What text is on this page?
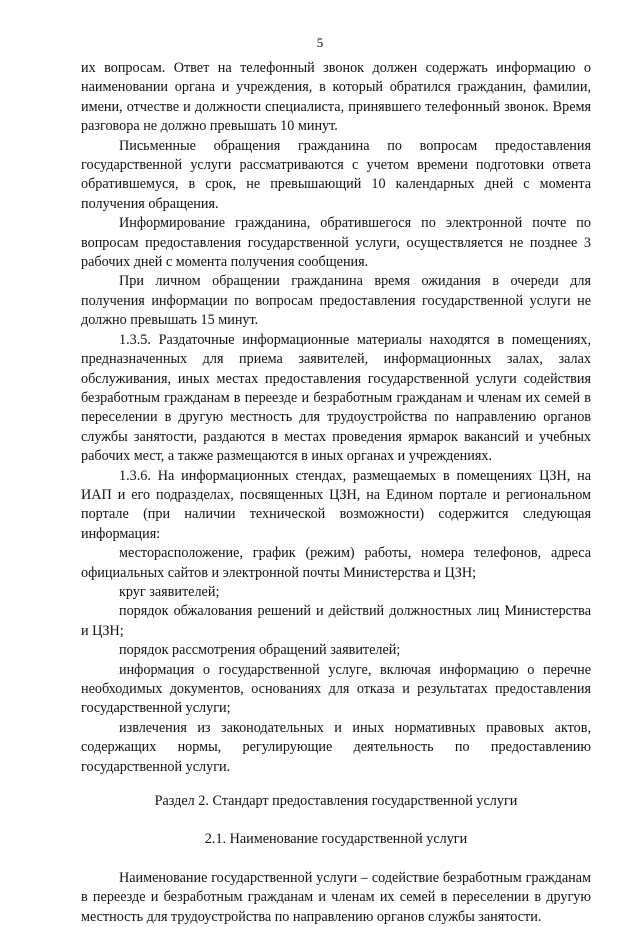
5

их вопросам. Ответ на телефонный звонок должен содержать информацию о наименовании органа и учреждения, в который обратился гражданин, фамилии, имени, отчестве и должности специалиста, принявшего телефонный звонок. Время разговора не должно превышать 10 минут.

Письменные обращения гражданина по вопросам предоставления государственной услуги рассматриваются с учетом времени подготовки ответа обратившемуся, в срок, не превышающий 10 календарных дней с момента получения обращения.

Информирование гражданина, обратившегося по электронной почте по вопросам предоставления государственной услуги, осуществляется не позднее 3 рабочих дней с момента получения сообщения.

При личном обращении гражданина время ожидания в очереди для получения информации по вопросам предоставления государственной услуги не должно превышать 15 минут.

1.3.5. Раздаточные информационные материалы находятся в помещениях, предназначенных для приема заявителей, информационных залах, залах обслуживания, иных местах предоставления государственной услуги содействия безработным гражданам в переезде и безработным гражданам и членам их семей в переселении в другую местность для трудоустройства по направлению органов службы занятости, раздаются в местах проведения ярмарок вакансий и учебных рабочих мест, а также размещаются в иных органах и учреждениях.

1.3.6. На информационных стендах, размещаемых в помещениях ЦЗН, на ИАП и его подразделах, посвященных ЦЗН, на Едином портале и региональном портале (при наличии технической возможности) содержится следующая информация:

месторасположение, график (режим) работы, номера телефонов, адреса официальных сайтов и электронной почты Министерства и ЦЗН;

круг заявителей;

порядок обжалования решений и действий должностных лиц Министерства и ЦЗН;

порядок рассмотрения обращений заявителей;

информация о государственной услуге, включая информацию о перечне необходимых документов, основаниях для отказа и результатах предоставления государственной услуги;

извлечения из законодательных и иных нормативных правовых актов, содержащих нормы, регулирующие деятельность по предоставлению государственной услуги.

Раздел 2. Стандарт предоставления государственной услуги

2.1. Наименование государственной услуги

Наименование государственной услуги – содействие безработным гражданам в переезде и безработным гражданам и членам их семей в переселении в другую местность для трудоустройства по направлению органов службы занятости.
